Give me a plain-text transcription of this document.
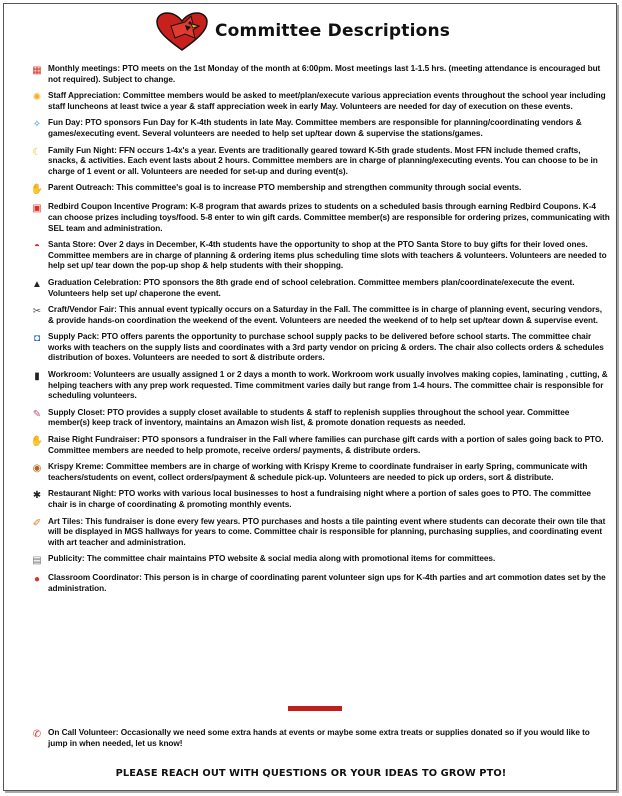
Committee Descriptions
▦ Monthly meetings: PTO meets on the 1st Monday of the month at 6:00pm. Most meetings last 1-1.5 hrs. (meeting attendance is encouraged but not required). Subject to change.
✺ Staff Appreciation: Committee members would be asked to meet/plan/execute various appreciation events throughout the school year including staff luncheons at least twice a year & staff appreciation week in early May. Volunteers are needed for day of execution on these events.
✧ Fun Day: PTO sponsors Fun Day for K-4th students in late May. Committee members are responsible for planning/coordinating vendors & games/executing event. Several volunteers are needed to help set up/tear down & supervise the stations/games.
☾ Family Fun Night: FFN occurs 1-4x's a year. Events are traditionally geared toward K-5th grade students. Most FFN include themed crafts, snacks, & activities. Each event lasts about 2 hours. Committee members are in charge of planning/executing events. You can choose to be in charge of 1 event or all. Volunteers are needed for set-up and during event(s).
✋ Parent Outreach: This committee's goal is to increase PTO membership and strengthen community through social events.
▣ Redbird Coupon Incentive Program: K-8 program that awards prizes to students on a scheduled basis through earning Redbird Coupons. K-4 can choose prizes including toys/food. 5-8 enter to win gift cards. Committee member(s) are responsible for ordering prizes, communicating with SEL team and administration.
◓ Santa Store: Over 2 days in December, K-4th students have the opportunity to shop at the PTO Santa Store to buy gifts for their loved ones. Committee members are in charge of planning & ordering items plus scheduling time slots with teachers & volunteers. Volunteers are needed to help set up/ tear down the pop-up shop & help students with their shopping.
▲ Graduation Celebration: PTO sponsors the 8th grade end of school celebration. Committee members plan/coordinate/execute the event. Volunteers help set up/ chaperone the event.
✂ Craft/Vendor Fair: This annual event typically occurs on a Saturday in the Fall. The committee is in charge of planning event, securing vendors, & provide hands-on coordination the weekend of the event. Volunteers are needed the weekend of to help set up/tear down & supervise event.
◘ Supply Pack: PTO offers parents the opportunity to purchase school supply packs to be delivered before school starts. The committee chair works with teachers on the supply lists and coordinates with a 3rd party vendor on pricing & orders. The chair also collects orders & schedules distribution of boxes. Volunteers are needed to sort & distribute orders.
▮	Workroom: Volunteers are usually assigned 1 or 2 days a month to work. Workroom work usually involves making copies, laminating , cutting, & helping teachers with any prep work requested. Time commitment varies daily but range from 1-4 hours. The committee chair is responsible for scheduling volunteers.
✎ Supply Closet: PTO provides a supply closet available to students & staff to replenish supplies throughout the school year. Committee member(s) keep track of inventory, maintains an Amazon wish list, & promote donation requests as needed.
✋ Raise Right Fundraiser: PTO sponsors a fundraiser in the Fall where families can purchase gift cards with a portion of sales going back to PTO. Committee members are needed to help promote, receive orders/ payments, & distribute orders.
◉ Krispy Kreme: Committee members are in charge of working with Krispy Kreme to coordinate fundraiser in early Spring, communicate with teachers/students on event, collect orders/payment & schedule pick-up. Volunteers are needed to pick up orders, sort & distribute.
✱ Restaurant Night: PTO works with various local businesses to host a fundraising night where a portion of sales goes to PTO. The committee chair is in charge of coordinating & promoting monthly events.
✐ Art Tiles: This fundraiser is done every few years. PTO purchases and hosts a tile painting event where students can decorate their own tile that will be displayed in MGS hallways for years to come. Committee chair is responsible for planning, purchasing supplies, and coordinating event with art teacher and administration.
▤ Publicity: The committee chair maintains PTO website & social media along with promotional items for committees.
● Classroom Coordinator: This person is in charge of coordinating parent volunteer sign ups for K-4th parties and art commotion dates set by the administration.
✆ On Call Volunteer: Occasionally we need some extra hands at events or maybe some extra treats or supplies donated so if you would like to jump in when needed, let us know!
PLEASE REACH OUT WITH QUESTIONS OR YOUR IDEAS TO GROW PTO!
